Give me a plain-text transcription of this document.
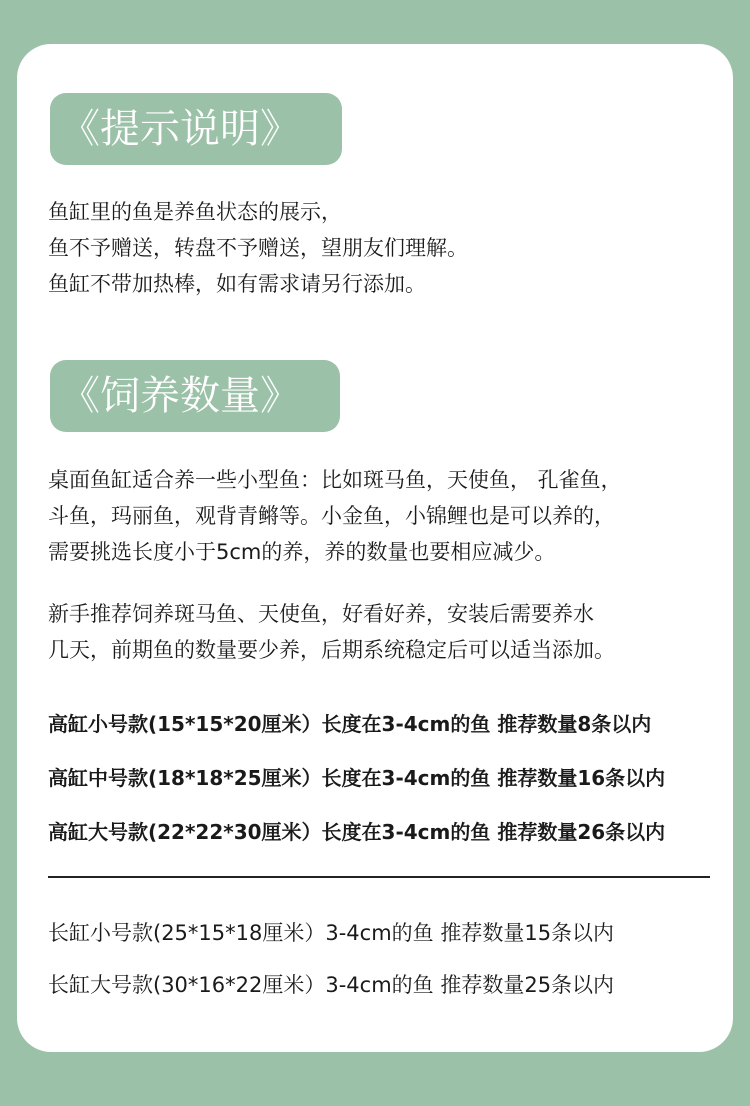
《提示说明》
鱼缸里的鱼是养鱼状态的展示，
鱼不予赠送，转盘不予赠送，望朋友们理解。
鱼缸不带加热棒，如有需求请另行添加。
《饲养数量》
桌面鱼缸适合养一些小型鱼：比如斑马鱼，天使鱼， 孔雀鱼，
斗鱼，玛丽鱼，观背青鳉等。小金鱼，小锦鲤也是可以养的，
需要挑选长度小于5cm的养，养的数量也要相应减少。
新手推荐饲养斑马鱼、天使鱼，好看好养，安装后需要养水
几天，前期鱼的数量要少养，后期系统稳定后可以适当添加。
高缸小号款(15*15*20厘米）长度在3-4cm的鱼 推荐数量8条以内
高缸中号款(18*18*25厘米）长度在3-4cm的鱼 推荐数量16条以内
高缸大号款(22*22*30厘米）长度在3-4cm的鱼 推荐数量26条以内
长缸小号款(25*15*18厘米）3-4cm的鱼 推荐数量15条以内
长缸大号款(30*16*22厘米）3-4cm的鱼 推荐数量25条以内
